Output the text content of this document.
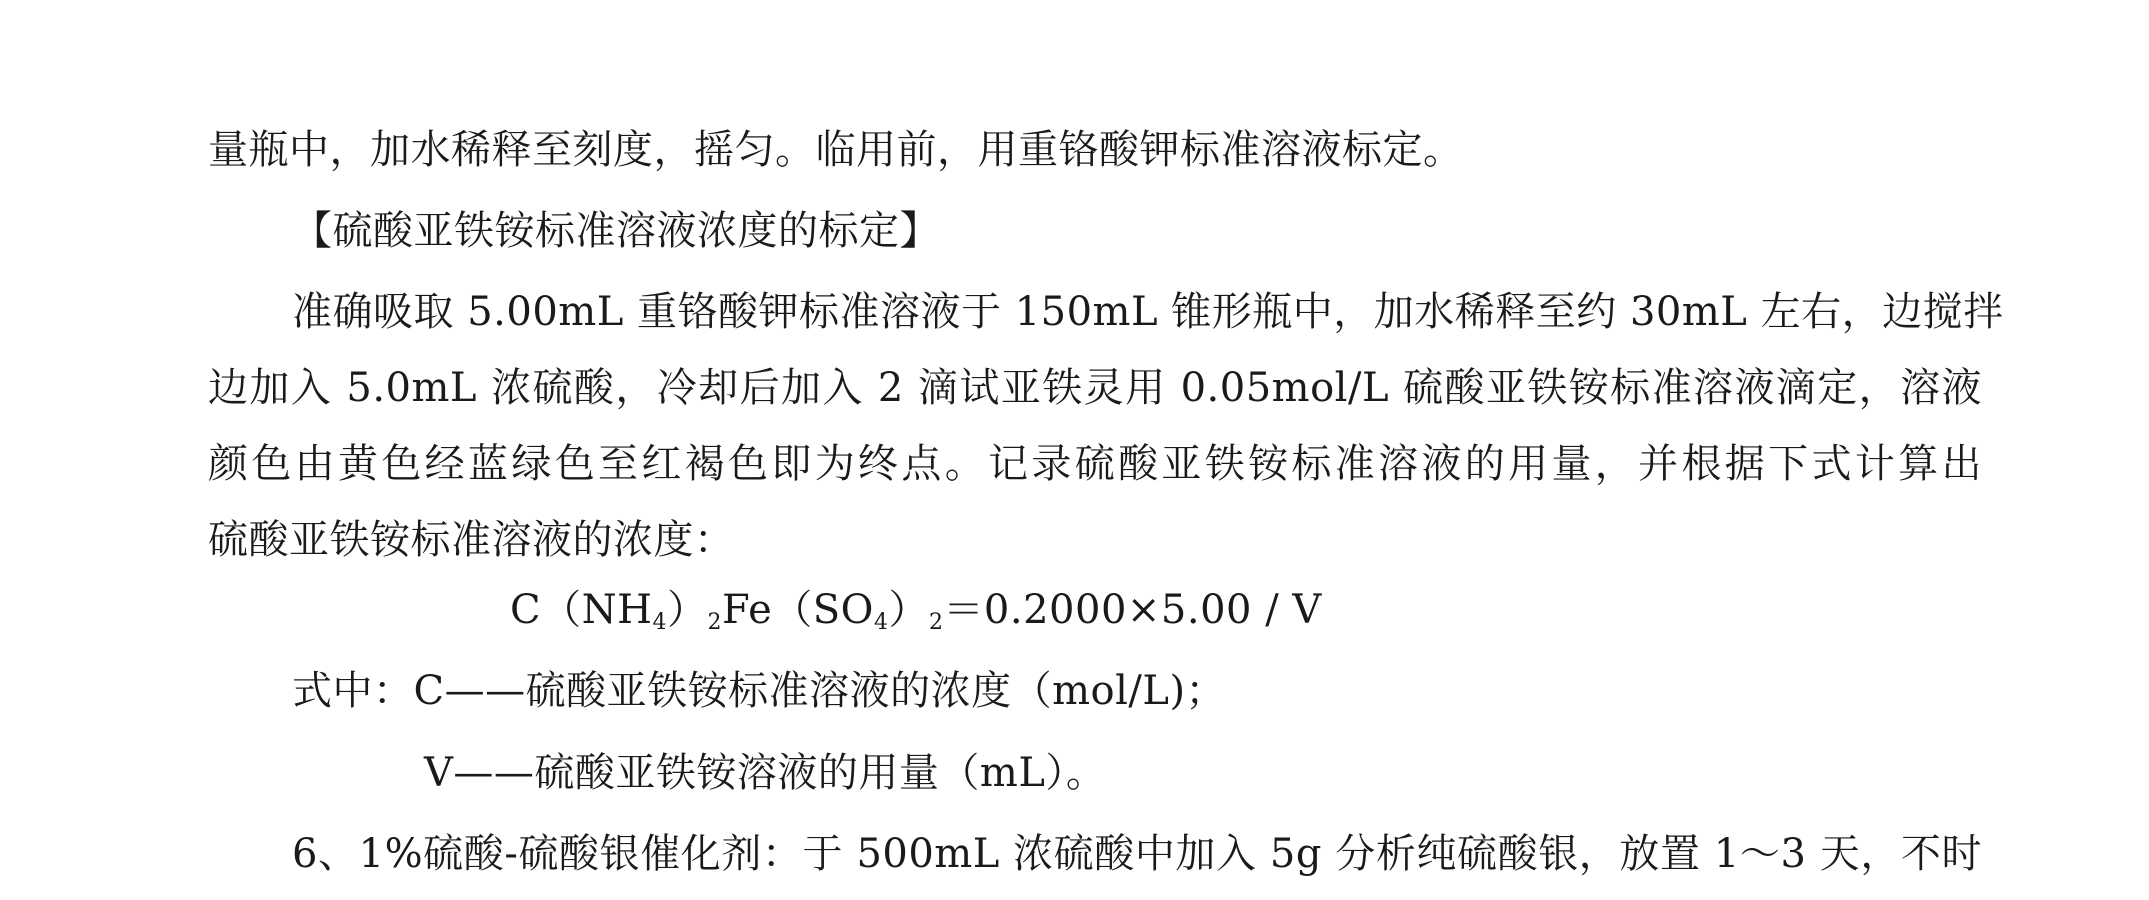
量瓶中，加水稀释至刻度，摇匀。临用前，用重铬酸钾标准溶液标定。
【硫酸亚铁铵标准溶液浓度的标定】
准确吸取 5.00mL 重铬酸钾标准溶液于 150mL 锥形瓶中，加水稀释至约 30mL 左右，边搅拌
边加入 5.0mL 浓硫酸，冷却后加入 2 滴试亚铁灵用 0.05mol/L 硫酸亚铁铵标准溶液滴定，溶液
颜色由黄色经蓝绿色至红褐色即为终点。记录硫酸亚铁铵标准溶液的用量，并根据下式计算出
硫酸亚铁铵标准溶液的浓度：
$C(NH_4)_2Fe(SO_4)_2=0.2000\times 5.00 / V$
式中：C——硫酸亚铁铵标准溶液的浓度（mol/L)；
V——硫酸亚铁铵溶液的用量（mL）。
6、1%硫酸-硫酸银催化剂：于 500mL 浓硫酸中加入 5g 分析纯硫酸银，放置 1～3 天，不时
